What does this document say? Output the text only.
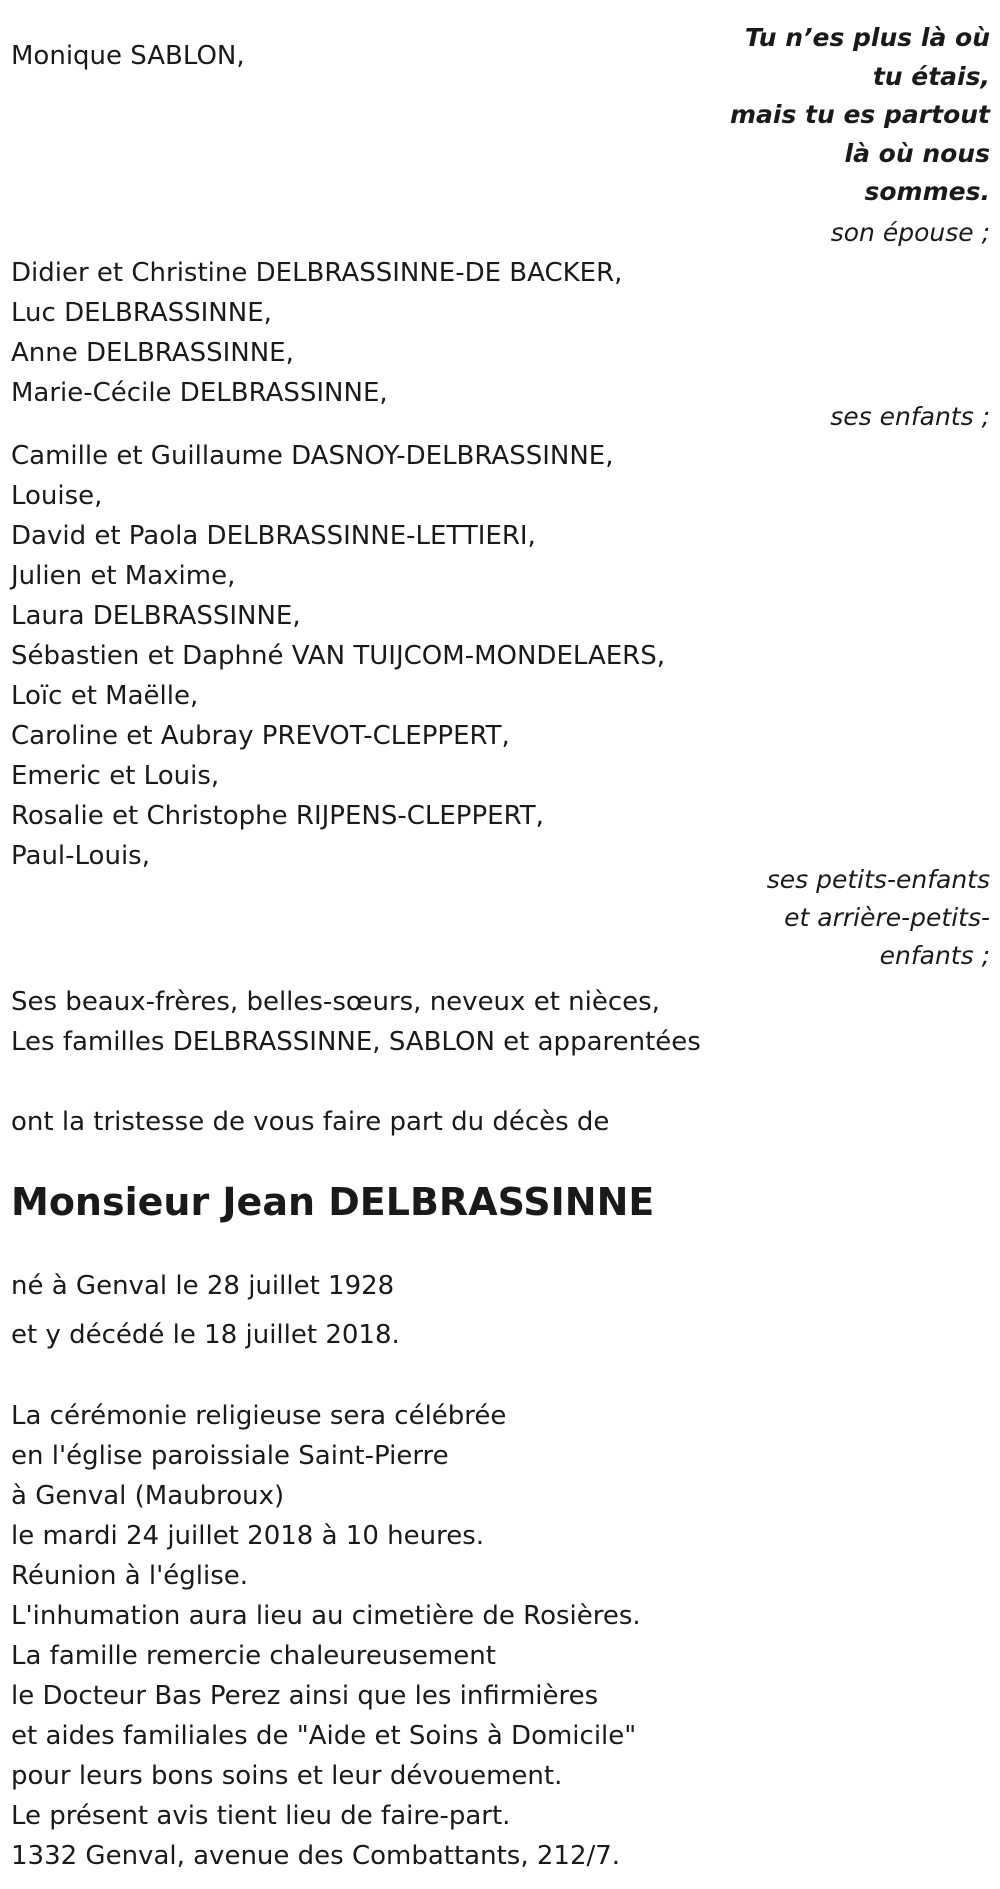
Monique SABLON,
Tu n’es plus là où
tu étais,
mais tu es partout
là où nous
sommes.
son épouse ;
Didier et Christine DELBRASSINNE-DE BACKER,
Luc DELBRASSINNE,
Anne DELBRASSINNE,
Marie-Cécile DELBRASSINNE,
ses enfants ;
Camille et Guillaume DASNOY-DELBRASSINNE,
Louise,
David et Paola DELBRASSINNE-LETTIERI,
Julien et Maxime,
Laura DELBRASSINNE,
Sébastien et Daphné VAN TUIJCOM-MONDELAERS,
Loïc et Maëlle,
Caroline et Aubray PREVOT-CLEPPERT,
Emeric et Louis,
Rosalie et Christophe RIJPENS-CLEPPERT,
Paul-Louis,
ses petits-enfants
et arrière-petits-
enfants ;
Ses beaux-frères, belles-sœurs, neveux et nièces,
Les familles DELBRASSINNE, SABLON et apparentées
ont la tristesse de vous faire part du décès de
Monsieur Jean DELBRASSINNE
né à Genval le 28 juillet 1928
et y décédé le 18 juillet 2018.
La cérémonie religieuse sera célébrée
en l'église paroissiale Saint-Pierre
à Genval (Maubroux)
le mardi 24 juillet 2018 à 10 heures.
Réunion à l'église.
L'inhumation aura lieu au cimetière de Rosières.
La famille remercie chaleureusement
le Docteur Bas Perez ainsi que les infirmières
et aides familiales de "Aide et Soins à Domicile"
pour leurs bons soins et leur dévouement.
Le présent avis tient lieu de faire-part.
1332 Genval, avenue des Combattants, 212/7.
